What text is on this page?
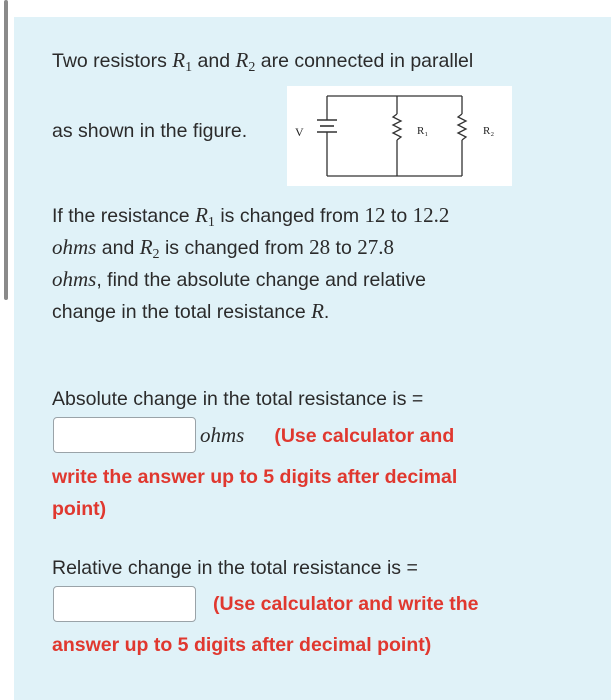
Two resistors $R_1$ and $R_2$ are connected in parallel
as shown in the figure.	V	R₁	R₂
If the resistance $R_1$ is changed from 12 to 12.2
ohms and $R_2$ is changed from 28 to 27.8
ohms, find the absolute change and relative
change in the total resistance R.
Absolute change in the total resistance is =
ohms (Use calculator and
write the answer up to 5 digits after decimal
point)
Relative change in the total resistance is =
(Use calculator and write the
answer up to 5 digits after decimal point)
